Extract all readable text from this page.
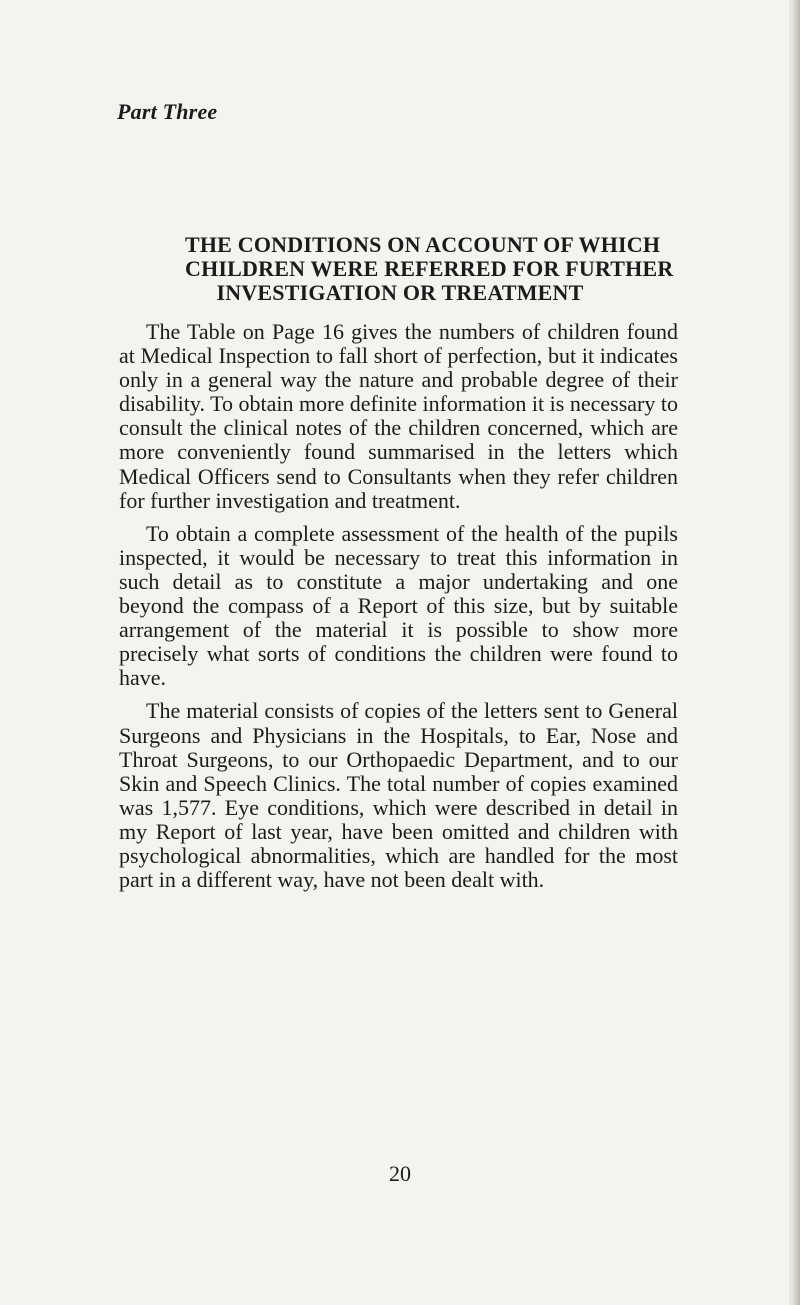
Part Three
THE CONDITIONS ON ACCOUNT OF WHICH
CHILDREN WERE REFERRED FOR FURTHER
INVESTIGATION OR TREATMENT

The Table on Page 16 gives the numbers of children found at Medical Inspection to fall short of perfection, but it indicates only in a general way the nature and probable degree of their disability. To obtain more definite information it is necessary to consult the clinical notes of the children concerned, which are more conveniently found summarised in the letters which Medical Officers send to Consultants when they refer children for further investigation and treatment.

To obtain a complete assessment of the health of the pupils inspected, it would be necessary to treat this information in such detail as to constitute a major undertaking and one beyond the compass of a Report of this size, but by suitable arrangement of the material it is possible to show more precisely what sorts of conditions the children were found to have.

The material consists of copies of the letters sent to General Surgeons and Physicians in the Hospitals, to Ear, Nose and Throat Surgeons, to our Orthopaedic Department, and to our Skin and Speech Clinics. The total number of copies examined was 1,577. Eye conditions, which were described in detail in my Report of last year, have been omitted and children with psychological abnormalities, which are handled for the most part in a different way, have not been dealt with.

20
